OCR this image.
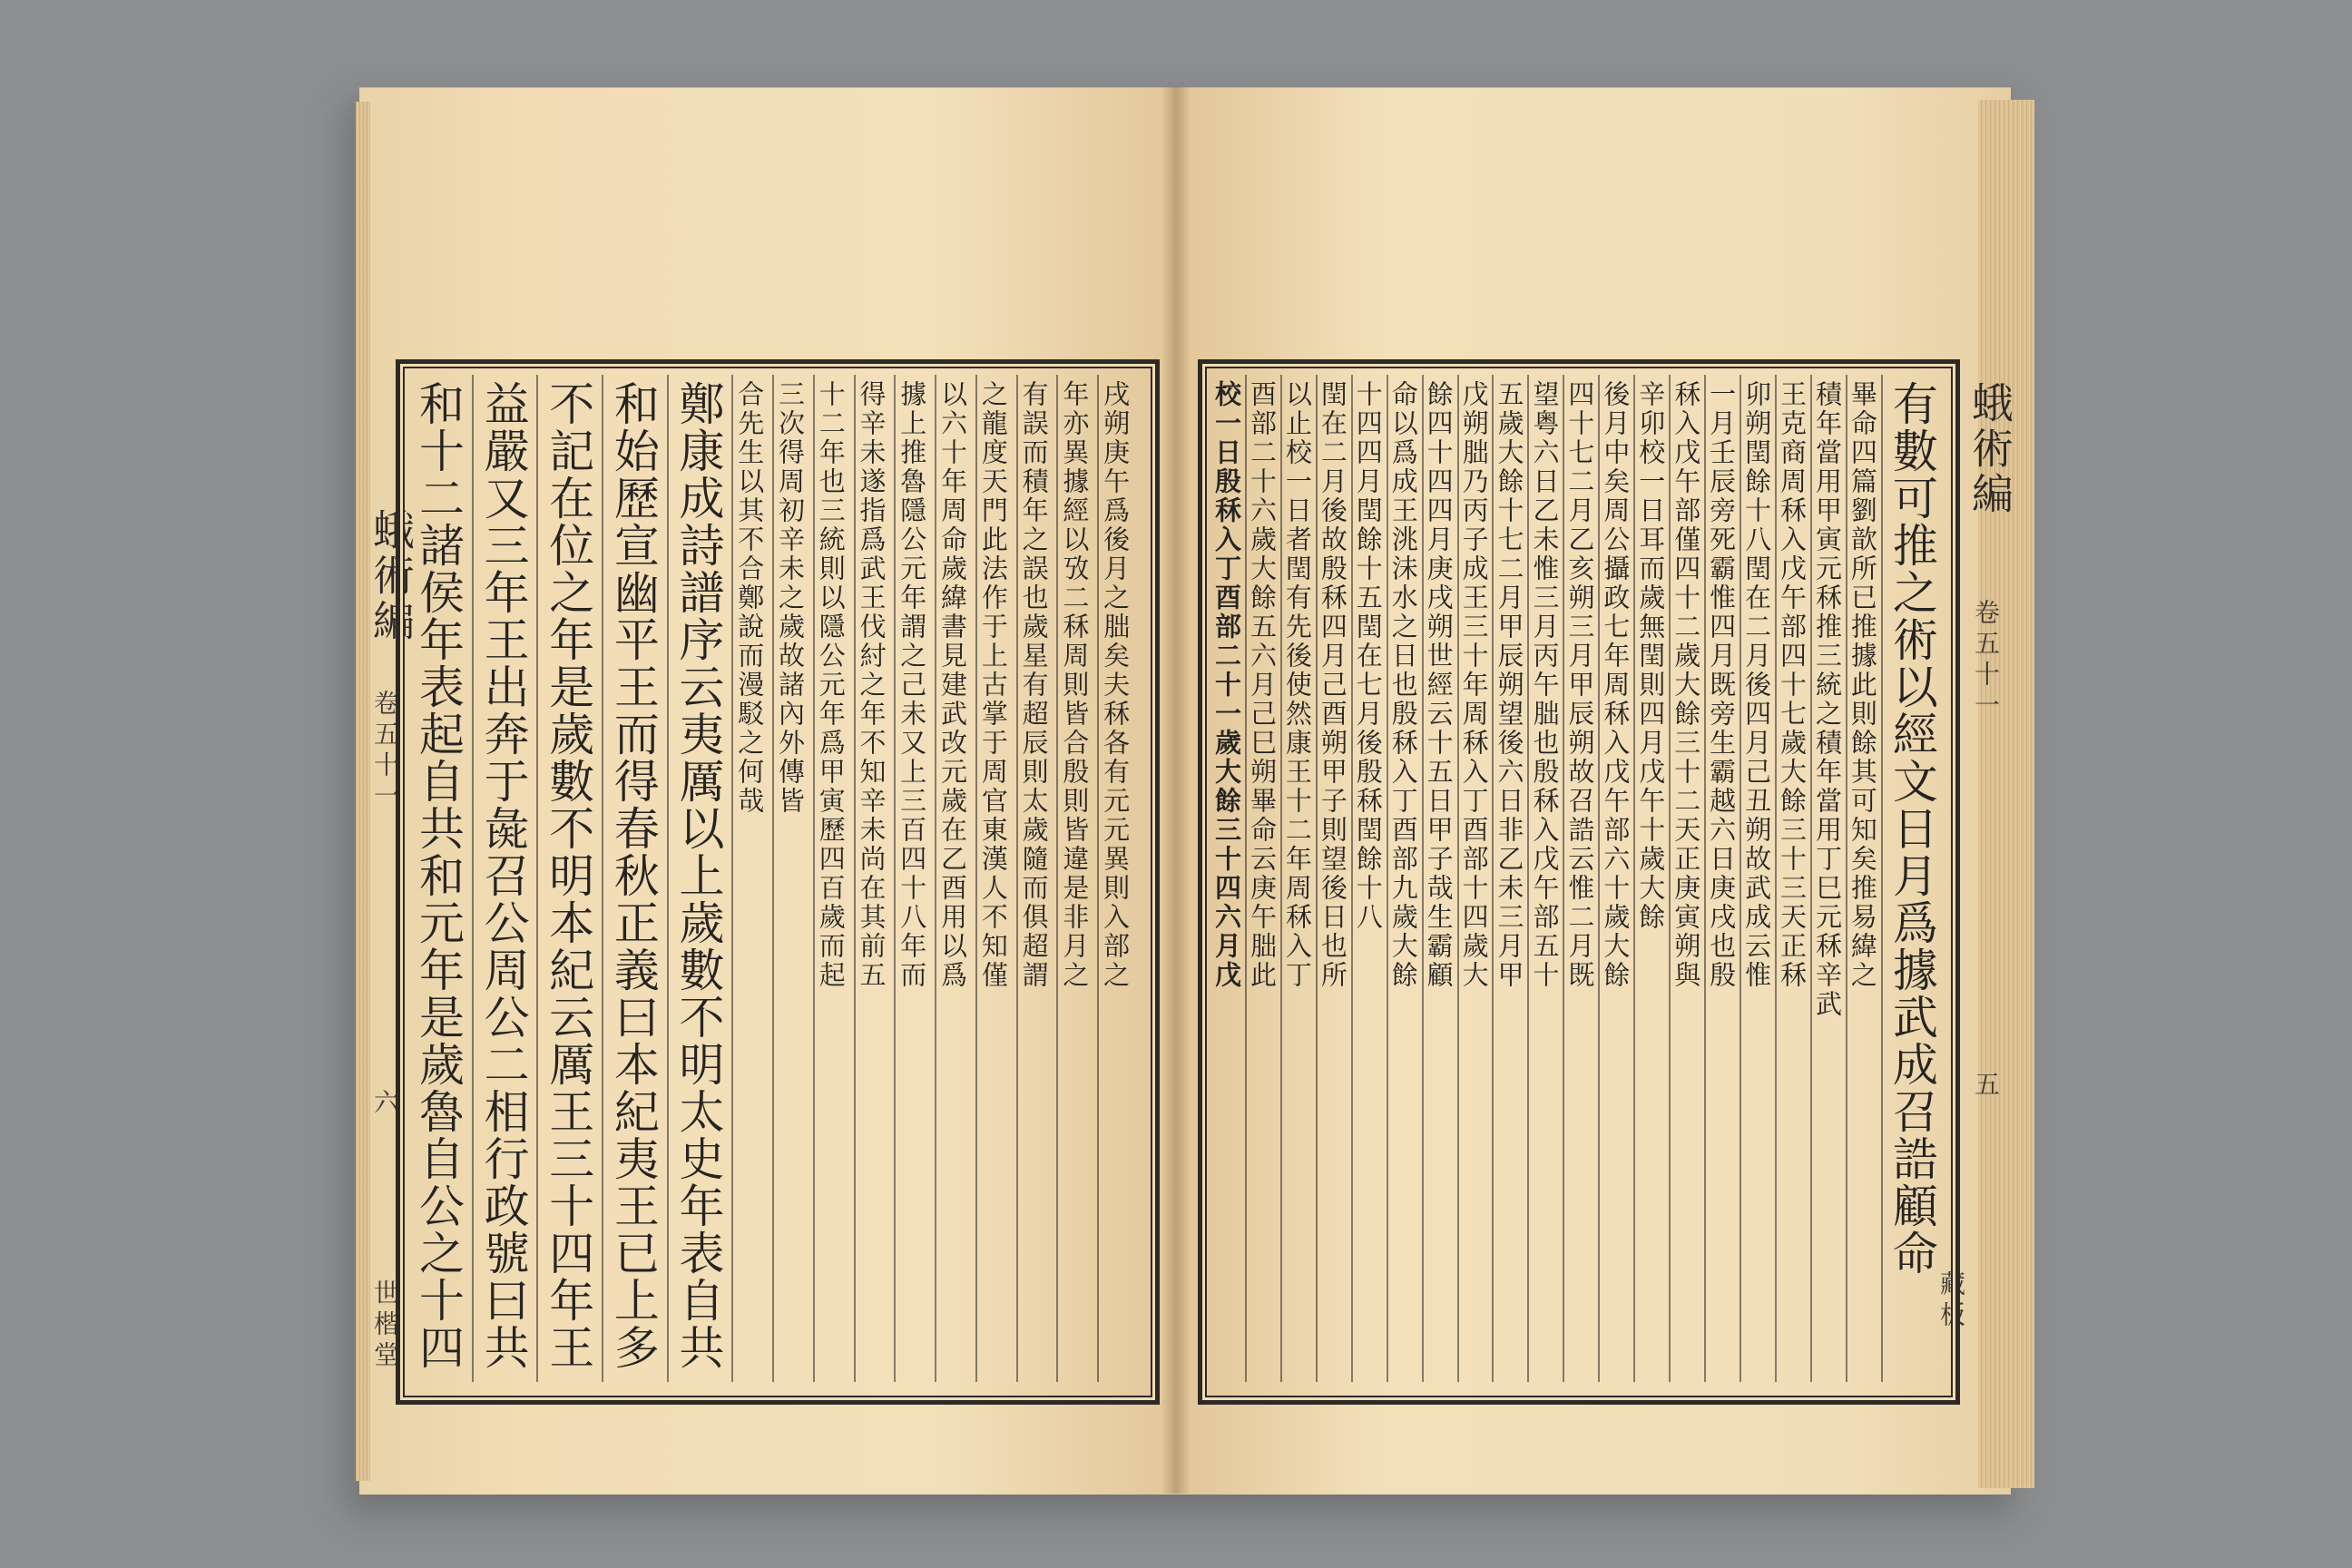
蛾術編
卷五十一
六
世楷堂
蛾術編
卷五十一
五
藏板
戌朔庚午爲後月之朏矣夫秝各有元元異則入部之
年亦異據經以攷二秝周則皆合殷則皆違是非月之
有誤而積年之誤也歲星有超辰則太歲隨而俱超謂
之龍度天門此法作于上古掌于周官東漢人不知僅
以六十年周命歲緯書見建武改元歲在乙酉用以爲
據上推魯隱公元年謂之己未又上三百四十八年而
得辛未遂指爲武王伐紂之年不知辛未尚在其前五
十二年也三統則以隱公元年爲甲寅歷四百歲而起
三次得周初辛未之歲故諸內外傳皆
合先生以其不合鄭說而漫駁之何哉
鄭康成詩譜序云夷厲以上歲數不明太史年表自共
和始歷宣幽平王而得春秋正義曰本紀夷王已上多
不記在位之年是歲數不明本紀云厲王三十四年王
益嚴又三年王出奔于彘召公周公二相行政號曰共
和十二諸侯年表起自共和元年是歲魯自公之十四	有數可推之術以經文日月爲據武成召誥顧命
畢命四篇劉歆所已推據此則餘其可知矣推易緯之
積年當用甲寅元秝推三統之積年當用丁巳元秝辛武
王克商周秝入戊午部四十七歲大餘三十三天正秝
卯朔閏餘十八閏在二月後四月己丑朔故武成云惟
一月壬辰旁死霸惟四月既旁生霸越六日庚戌也殷
秝入戊午部僅四十二歲大餘三十二天正庚寅朔與
辛卯校一日耳而歲無閏則四月戊午十歲大餘
後月中矣周公攝政七年周秝入戊午部六十歲大餘
四十七二月乙亥朔三月甲辰朔故召誥云惟二月既
望粤六日乙未惟三月丙午朏也殷秝入戊午部五十
五歲大餘十七二月甲辰朔望後六日非乙未三月甲
戊朔朏乃丙子成王三十年周秝入丁酉部十四歲大
餘四十四四月庚戌朔世經云十五日甲子哉生霸顧
命以爲成王洮沬水之日也殷秝入丁酉部九歲大餘
十四四月閏餘十五閏在七月後殷秝閏餘十八
閏在二月後故殷秝四月己酉朔甲子則望後日也所
以止校一日者閏有先後使然康王十二年周秝入丁
酉部二十六歲大餘五六月己巳朔畢命云庚午朏此
校一日殷秝入丁酉部二十一歲大餘三十四六月戊
